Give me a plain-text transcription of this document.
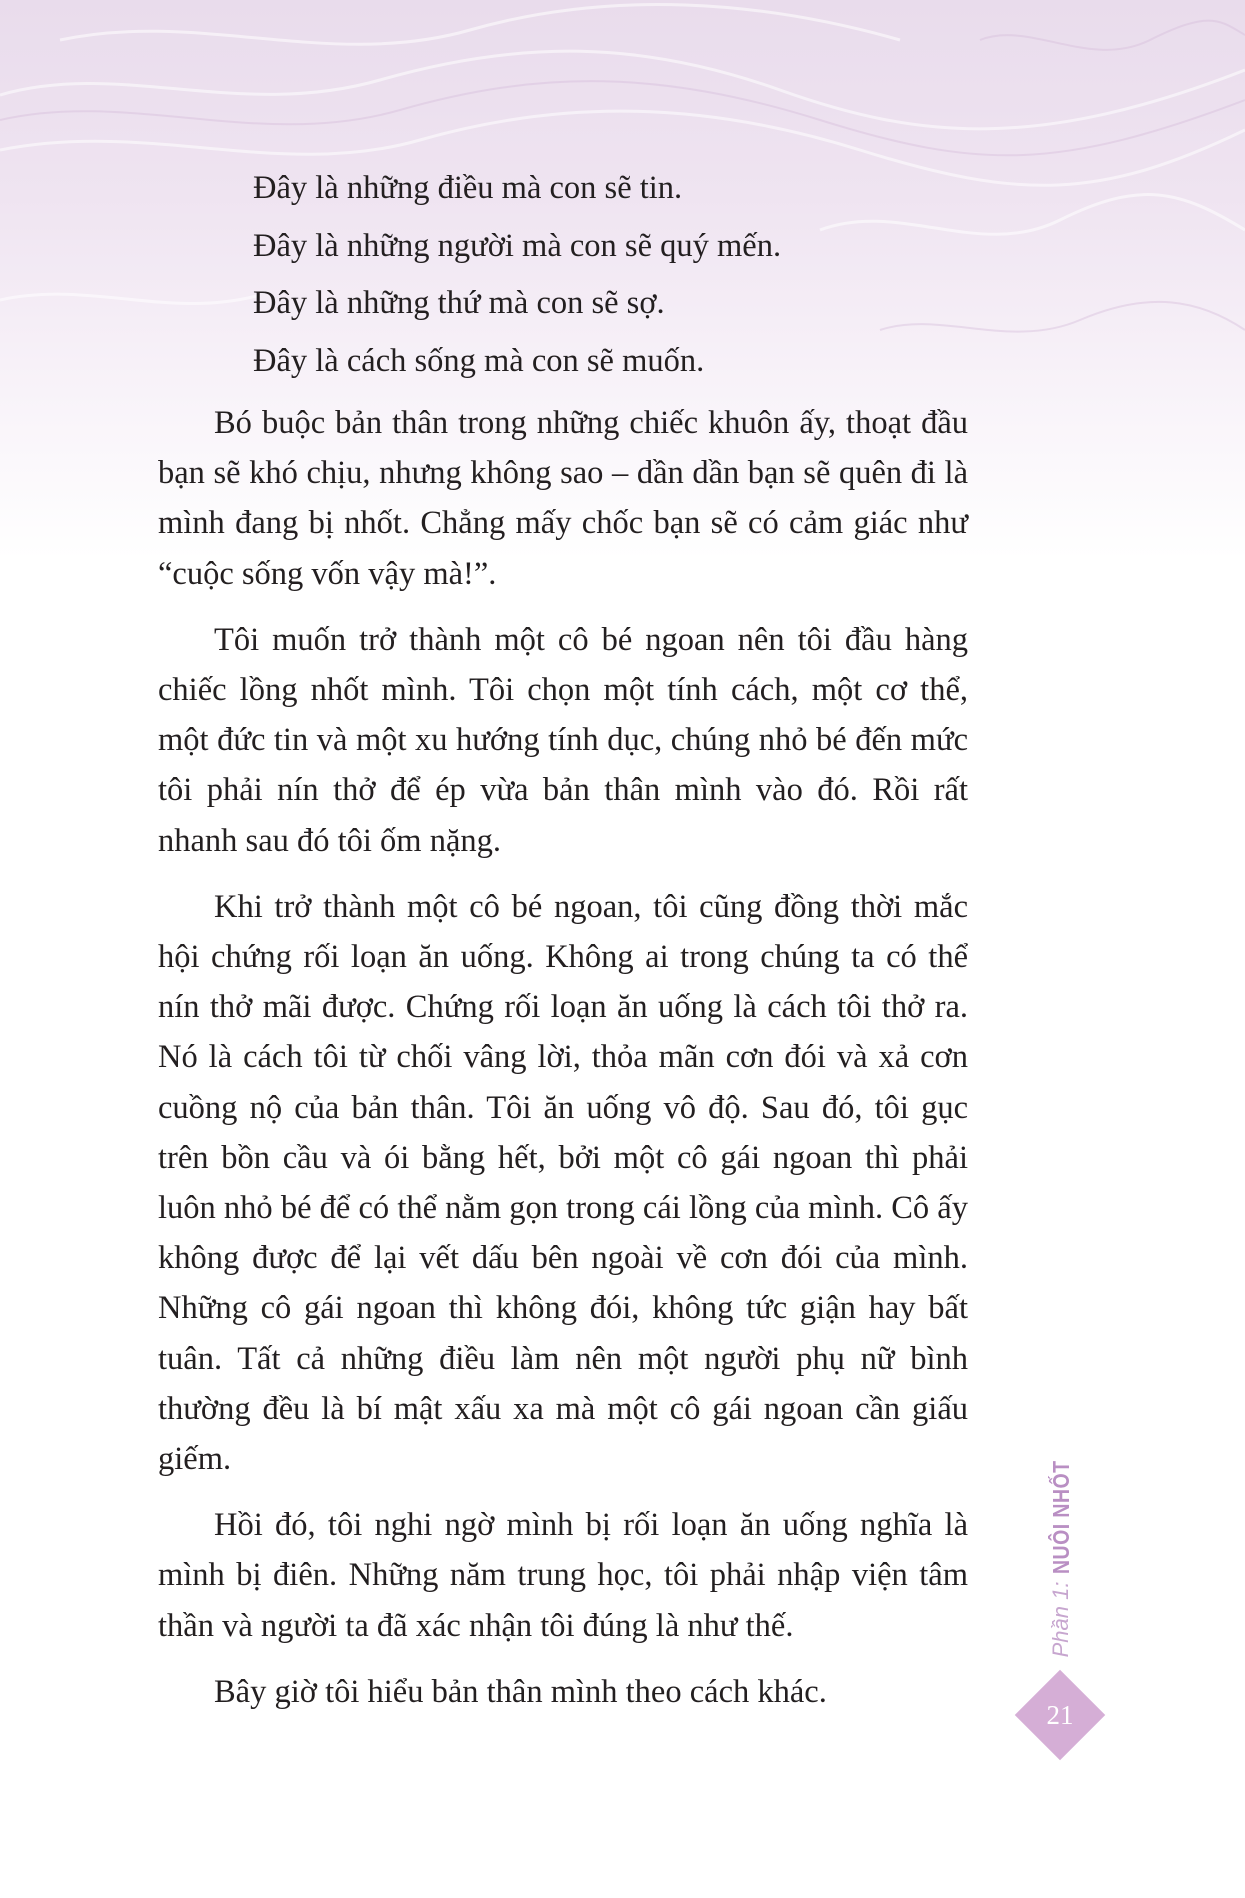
Đây là những điều mà con sẽ tin.

Đây là những người mà con sẽ quý mến.

Đây là những thứ mà con sẽ sợ.

Đây là cách sống mà con sẽ muốn.

Bó buộc bản thân trong những chiếc khuôn ấy, thoạt đầu bạn sẽ khó chịu, nhưng không sao – dần dần bạn sẽ quên đi là mình đang bị nhốt. Chẳng mấy chốc bạn sẽ có cảm giác như “cuộc sống vốn vậy mà!”.

Tôi muốn trở thành một cô bé ngoan nên tôi đầu hàng chiếc lồng nhốt mình. Tôi chọn một tính cách, một cơ thể, một đức tin và một xu hướng tính dục, chúng nhỏ bé đến mức tôi phải nín thở để ép vừa bản thân mình vào đó. Rồi rất nhanh sau đó tôi ốm nặng.

Khi trở thành một cô bé ngoan, tôi cũng đồng thời mắc hội chứng rối loạn ăn uống. Không ai trong chúng ta có thể nín thở mãi được. Chứng rối loạn ăn uống là cách tôi thở ra. Nó là cách tôi từ chối vâng lời, thỏa mãn cơn đói và xả cơn cuồng nộ của bản thân. Tôi ăn uống vô độ. Sau đó, tôi gục trên bồn cầu và ói bằng hết, bởi một cô gái ngoan thì phải luôn nhỏ bé để có thể nằm gọn trong cái lồng của mình. Cô ấy không được để lại vết dấu bên ngoài về cơn đói của mình. Những cô gái ngoan thì không đói, không tức giận hay bất tuân. Tất cả những điều làm nên một người phụ nữ bình thường đều là bí mật xấu xa mà một cô gái ngoan cần giấu giếm.

Hồi đó, tôi nghi ngờ mình bị rối loạn ăn uống nghĩa là mình bị điên. Những năm trung học, tôi phải nhập viện tâm thần và người ta đã xác nhận tôi đúng là như thế.

Bây giờ tôi hiểu bản thân mình theo cách khác.

Phần 1:
NUÔI NHỐT
21
